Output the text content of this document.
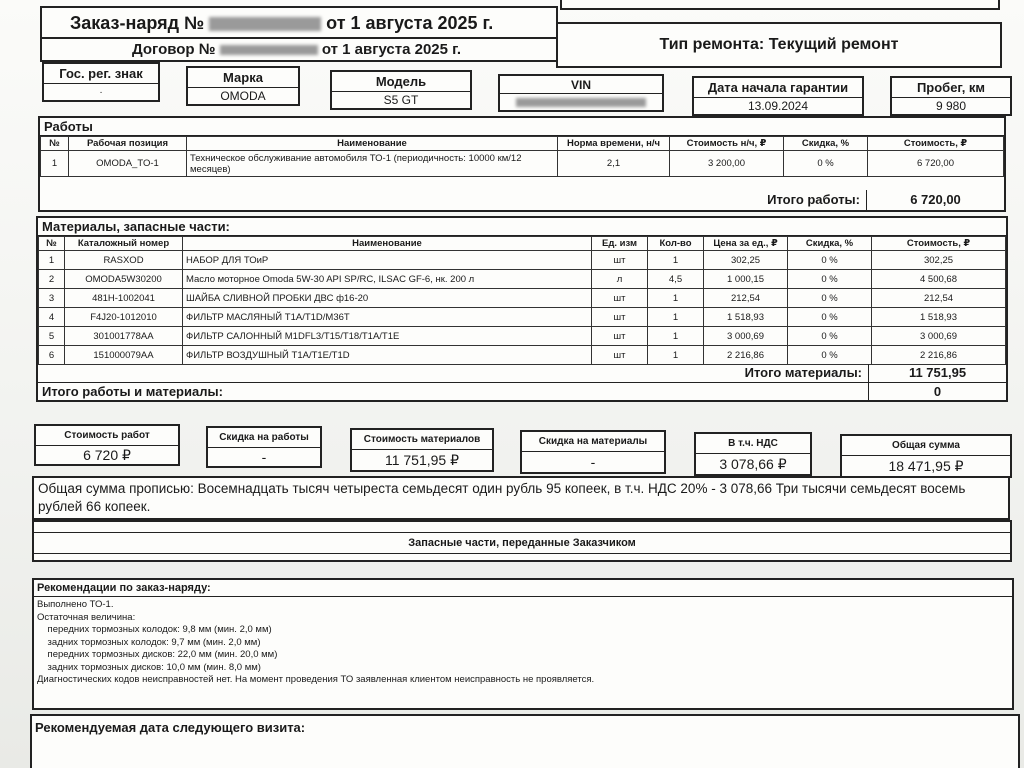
Заказ-наряд №	от 1 августа 2025 г.
Договор №	от 1 августа 2025 г.	Тип ремонта: Текущий ремонт
Гос. рег. знак
·
Марка
OMODA
Модель
S5 GT
VIN	Дата начала гарантии
13.09.2024
Пробег, км
9 980
Работы
№	Рабочая позиция	Наименование	Норма времени, н/ч	Стоимость н/ч, ₽	Скидка, %	Стоимость, ₽
1	OMODA_TO-1	Техническое обслуживание автомобиля ТО-1 (периодичность: 10000 км/12 месяцев)	2,1	3 200,00	0 %	6 720,00
Итого работы:	6 720,00
Материалы, запасные части:
№	Каталожный номер	Наименование	Ед. изм	Кол-во	Цена за ед., ₽	Скидка, %	Стоимость, ₽
1	RASXOD	НАБОР ДЛЯ ТОиР	шт	1	302,25	0 %	302,25
2	OMODA5W30200	Масло моторное Omoda 5W-30 API SP/RC, ILSAC GF-6, нк. 200 л	л	4,5	1 000,15	0 %	4 500,68
3	481H-1002041	ШАЙБА СЛИВНОЙ ПРОБКИ ДВС ф16-20	шт	1	212,54	0 %	212,54
4	F4J20-1012010	ФИЛЬТР МАСЛЯНЫЙ T1A/T1D/M36T	шт	1	1 518,93	0 %	1 518,93
5	301001778AA	ФИЛЬТР САЛОННЫЙ M1DFL3/T15/T18/T1A/T1E	шт	1	3 000,69	0 %	3 000,69
6	151000079AA	ФИЛЬТР ВОЗДУШНЫЙ T1A/T1E/T1D	шт	1	2 216,86	0 %	2 216,86
Итого материалы:	11 751,95
Итого работы и материалы:	0
Стоимость работ
6 720 ₽
Скидка на работы
-
Стоимость материалов
11 751,95 ₽
Скидка на материалы
-
В т.ч. НДС
3 078,66 ₽
Общая сумма
18 471,95 ₽
Общая сумма прописью: Восемнадцать тысяч четыреста семьдесят один рубль 95 копеек, в т.ч. НДС 20% - 3 078,66 Три тысячи семьдесят восемь рублей 66 копеек.
Запасные части, переданные Заказчиком
Рекомендации по заказ-наряду:
Выполнено ТО-1.
Остаточная величина:
передних тормозных колодок: 9,8 мм (мин. 2,0 мм)
задних тормозных колодок: 9,7 мм (мин. 2,0 мм)
передних тормозных дисков: 22,0 мм (мин. 20,0 мм)
задних тормозных дисков: 10,0 мм (мин. 8,0 мм)
Диагностических кодов неисправностей нет. На момент проведения ТО заявленная клиентом неисправность не проявляется.
Рекомендуемая дата следующего визита:
